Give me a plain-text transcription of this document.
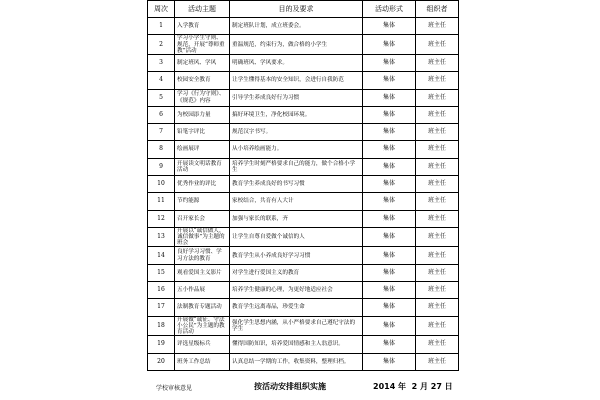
周次	活动主题	目的及要求	活动形式	组织者
1	入学教育	制定班队计划，成立班委会。	集体	班主任
2	学习小学生守则、规范，开展“尊师重教”活动	重温规范，约束行为，做合格的小学生	集体	班主任
3	制定班风、学风	明确班风、学风要求。	集体	班主任
4	校园安全教育	让学生懂得基本的安全知识，会进行自我防范	集体	班主任
5	学习《行为守则》、《规范》内容	引导学生养成良好行为习惯	集体	班主任
6	为校园添力量	搞好环境卫生，净化校园环境。	集体	班主任
7	铅笔字评比	规范汉字书写。	集体	班主任
8	绘画展评	从小培养绘画能力。	集体	班主任
9	开展读文明话教育活动	培养学生时刻严格要求自己的能力，做个合格小学生	集体	班主任
10	优秀作业的评比	教育学生养成良好的书写习惯	集体	班主任
11	节约能源	家校结合，共育有人大计	集体	班主任
12	召开家长会	加强与家长的联系，齐	集体	班主任
13	开展以“诚信做人，诚信做事”为主题的班会	让学生自尊自爱做个诚信的人	集体	班主任
14	良好学习习惯、学习方法的教育	教育学生从小养成良好学习习惯	集体	班主任
15	观看爱国主义影片	对学生进行爱国主义的教育	集体	班主任
16	五小作品展	培养学生健康的心理，为更好地适应社会	集体	班主任
17	法制教育专题活动	教育学生远离毒品，珍爱生命	集体	班主任
18	开展做“诚征、守法小公民”为主题的教育活动	强化学生思想内涵，从小严格要求自己遵纪守法的学生	集体	班主任
19	评选星级标兵	懂得国防知识，培养爱国情感和主人翁意识。	集体	班主任
20	班务工作总结	认真总结一学期的工作，收集资料，整理归档。	集体	班主任
学校审核意见	按活动安排组织实施	2014 年  2 月 27 日
